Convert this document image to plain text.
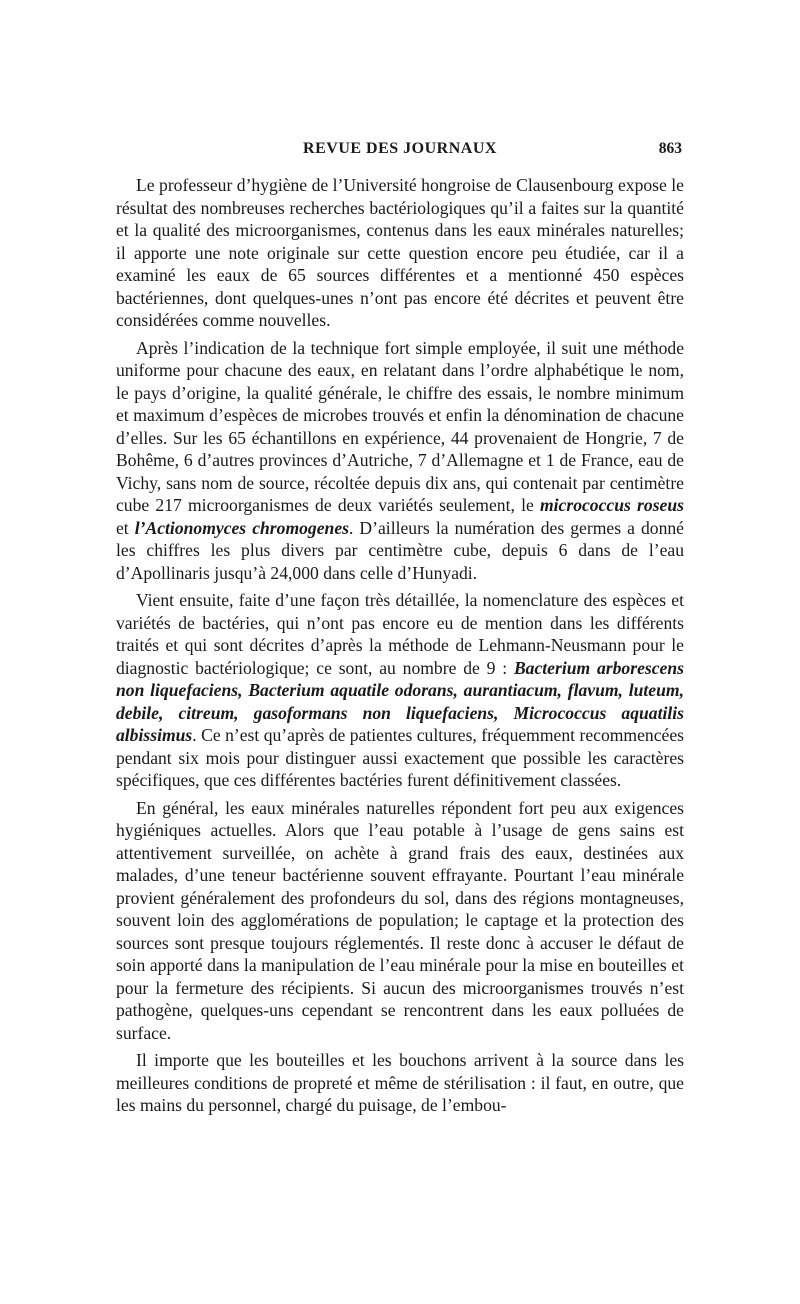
REVUE DES JOURNAUX	863

Le professeur d’hygiène de l’Université hongroise de Clausenbourg expose le résultat des nombreuses recherches bactériologiques qu’il a faites sur la quantité et la qualité des microorganismes, contenus dans les eaux minérales naturelles; il apporte une note originale sur cette question encore peu étudiée, car il a examiné les eaux de 65 sources différentes et a mentionné 450 espèces bactériennes, dont quelques-unes n’ont pas encore été décrites et peuvent être considérées comme nouvelles.

Après l’indication de la technique fort simple employée, il suit une méthode uniforme pour chacune des eaux, en relatant dans l’ordre alphabétique le nom, le pays d’origine, la qualité générale, le chiffre des essais, le nombre minimum et maximum d’espèces de microbes trouvés et enfin la dénomination de chacune d’elles. Sur les 65 échantillons en expérience, 44 provenaient de Hongrie, 7 de Bohême, 6 d’autres provinces d’Autriche, 7 d’Allemagne et 1 de France, eau de Vichy, sans nom de source, récoltée depuis dix ans, qui contenait par centimètre cube 217 microorganismes de deux variétés seulement, le micrococcus roseus et l’Actionomyces chromogenes. D’ailleurs la numération des germes a donné les chiffres les plus divers par centimètre cube, depuis 6 dans de l’eau d’Apollinaris jusqu’à 24,000 dans celle d’Hunyadi.

Vient ensuite, faite d’une façon très détaillée, la nomenclature des espèces et variétés de bactéries, qui n’ont pas encore eu de mention dans les différents traités et qui sont décrites d’après la méthode de Lehmann-Neusmann pour le diagnostic bactériologique; ce sont, au nombre de 9 : Bacterium arborescens non liquefaciens, Bacterium aquatile odorans, aurantiacum, flavum, luteum, debile, citreum, gasoformans non liquefaciens, Micrococcus aquatilis albissimus. Ce n’est qu’après de patientes cultures, fréquemment recommencées pendant six mois pour distinguer aussi exactement que possible les caractères spécifiques, que ces différentes bactéries furent définitivement classées.

En général, les eaux minérales naturelles répondent fort peu aux exigences hygiéniques actuelles. Alors que l’eau potable à l’usage de gens sains est attentivement surveillée, on achète à grand frais des eaux, destinées aux malades, d’une teneur bactérienne souvent effrayante. Pourtant l’eau minérale provient généralement des profondeurs du sol, dans des régions montagneuses, souvent loin des agglomérations de population; le captage et la protection des sources sont presque toujours réglementés. Il reste donc à accuser le défaut de soin apporté dans la manipulation de l’eau minérale pour la mise en bouteilles et pour la fermeture des récipients. Si aucun des microorganismes trouvés n’est pathogène, quelques-uns cependant se rencontrent dans les eaux polluées de surface.

Il importe que les bouteilles et les bouchons arrivent à la source dans les meilleures conditions de propreté et même de stérilisation : il faut, en outre, que les mains du personnel, chargé du puisage, de l’embou-
